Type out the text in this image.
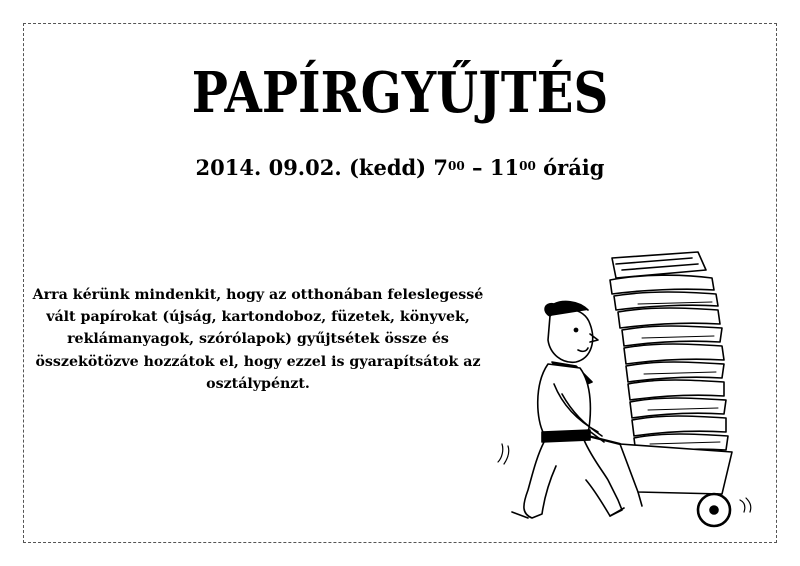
PAPÍRGYŰJTÉS
2014. 09.02. (kedd) $7^{00} - 11^{00}$ óráig
Arra kérünk mindenkit, hogy az otthonában feleslegessé vált papírokat (újság, kartondoboz, füzetek, könyvek, reklámanyagok, szórólapok) gyűjtsétek össze és összekötözve hozzátok el, hogy ezzel is gyarapítsátok az osztálypénzt.
